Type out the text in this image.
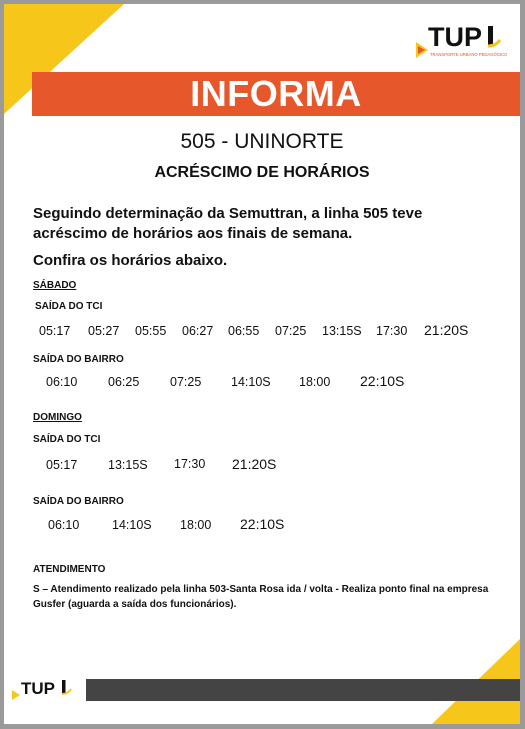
TUP
TRANSPORTE URBANO PEDAGÓGICO
INFORMA
505 - UNINORTE
ACRÉSCIMO DE HORÁRIOS
Seguindo determinação da Semuttran, a linha 505 teve acréscimo de horários aos finais de semana.
Confira os horários abaixo.
SÁBADO
SAÍDA DO TCI
05:17 05:27 05:55 06:27 06:55 07:25 13:15S 17:30 21:20S
SAÍDA DO BAIRRO
06:10 06:25 07:25 14:10S 18:00 22:10S
DOMINGO
SAÍDA DO TCI
05:17 13:15S 17:30 21:20S
SAÍDA DO BAIRRO
06:10	14:10S 18:00 22:10S
ATENDIMENTO
S – Atendimento realizado pela linha 503-Santa Rosa ida / volta - Realiza ponto final na empresa Gusfer (aguarda a saída dos funcionários).
TUP
